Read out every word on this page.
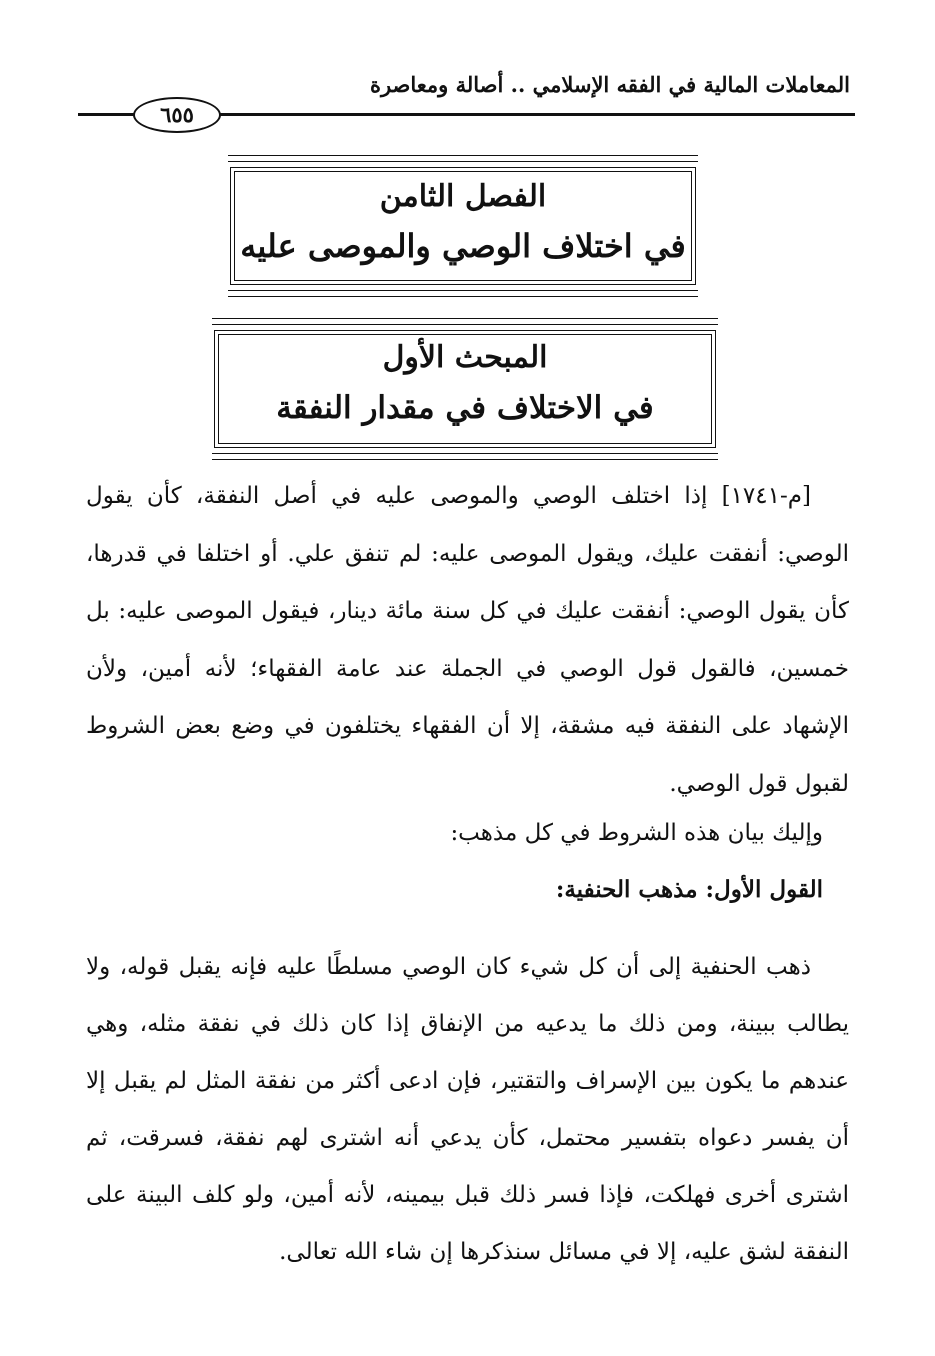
المعاملات المالية في الفقه الإسلامي .. أصالة ومعاصرة
٦٥٥
الفصل الثامن
في اختلاف الوصي والموصى عليه
المبحث الأول
في الاختلاف في مقدار النفقة

[م-١٧٤١] إذا اختلف الوصي والموصى عليه في أصل النفقة، كأن يقول الوصي: أنفقت عليك، ويقول الموصى عليه: لم تنفق علي. أو اختلفا في قدرها، كأن يقول الوصي: أنفقت عليك في كل سنة مائة دينار، فيقول الموصى عليه: بل خمسين، فالقول قول الوصي في الجملة عند عامة الفقهاء؛ لأنه أمين، ولأن الإشهاد على النفقة فيه مشقة، إلا أن الفقهاء يختلفون في وضع بعض الشروط لقبول قول الوصي.

وإليك بيان هذه الشروط في كل مذهب:
القول الأول: مذهب الحنفية:

ذهب الحنفية إلى أن كل شيء كان الوصي مسلطًا عليه فإنه يقبل قوله، ولا يطالب ببينة، ومن ذلك ما يدعيه من الإنفاق إذا كان ذلك في نفقة مثله، وهي عندهم ما يكون بين الإسراف والتقتير، فإن ادعى أكثر من نفقة المثل لم يقبل إلا أن يفسر دعواه بتفسير محتمل، كأن يدعي أنه اشترى لهم نفقة، فسرقت، ثم اشترى أخرى فهلكت، فإذا فسر ذلك قبل بيمينه، لأنه أمين، ولو كلف البينة على النفقة لشق عليه، إلا في مسائل سنذكرها إن شاء الله تعالى.
